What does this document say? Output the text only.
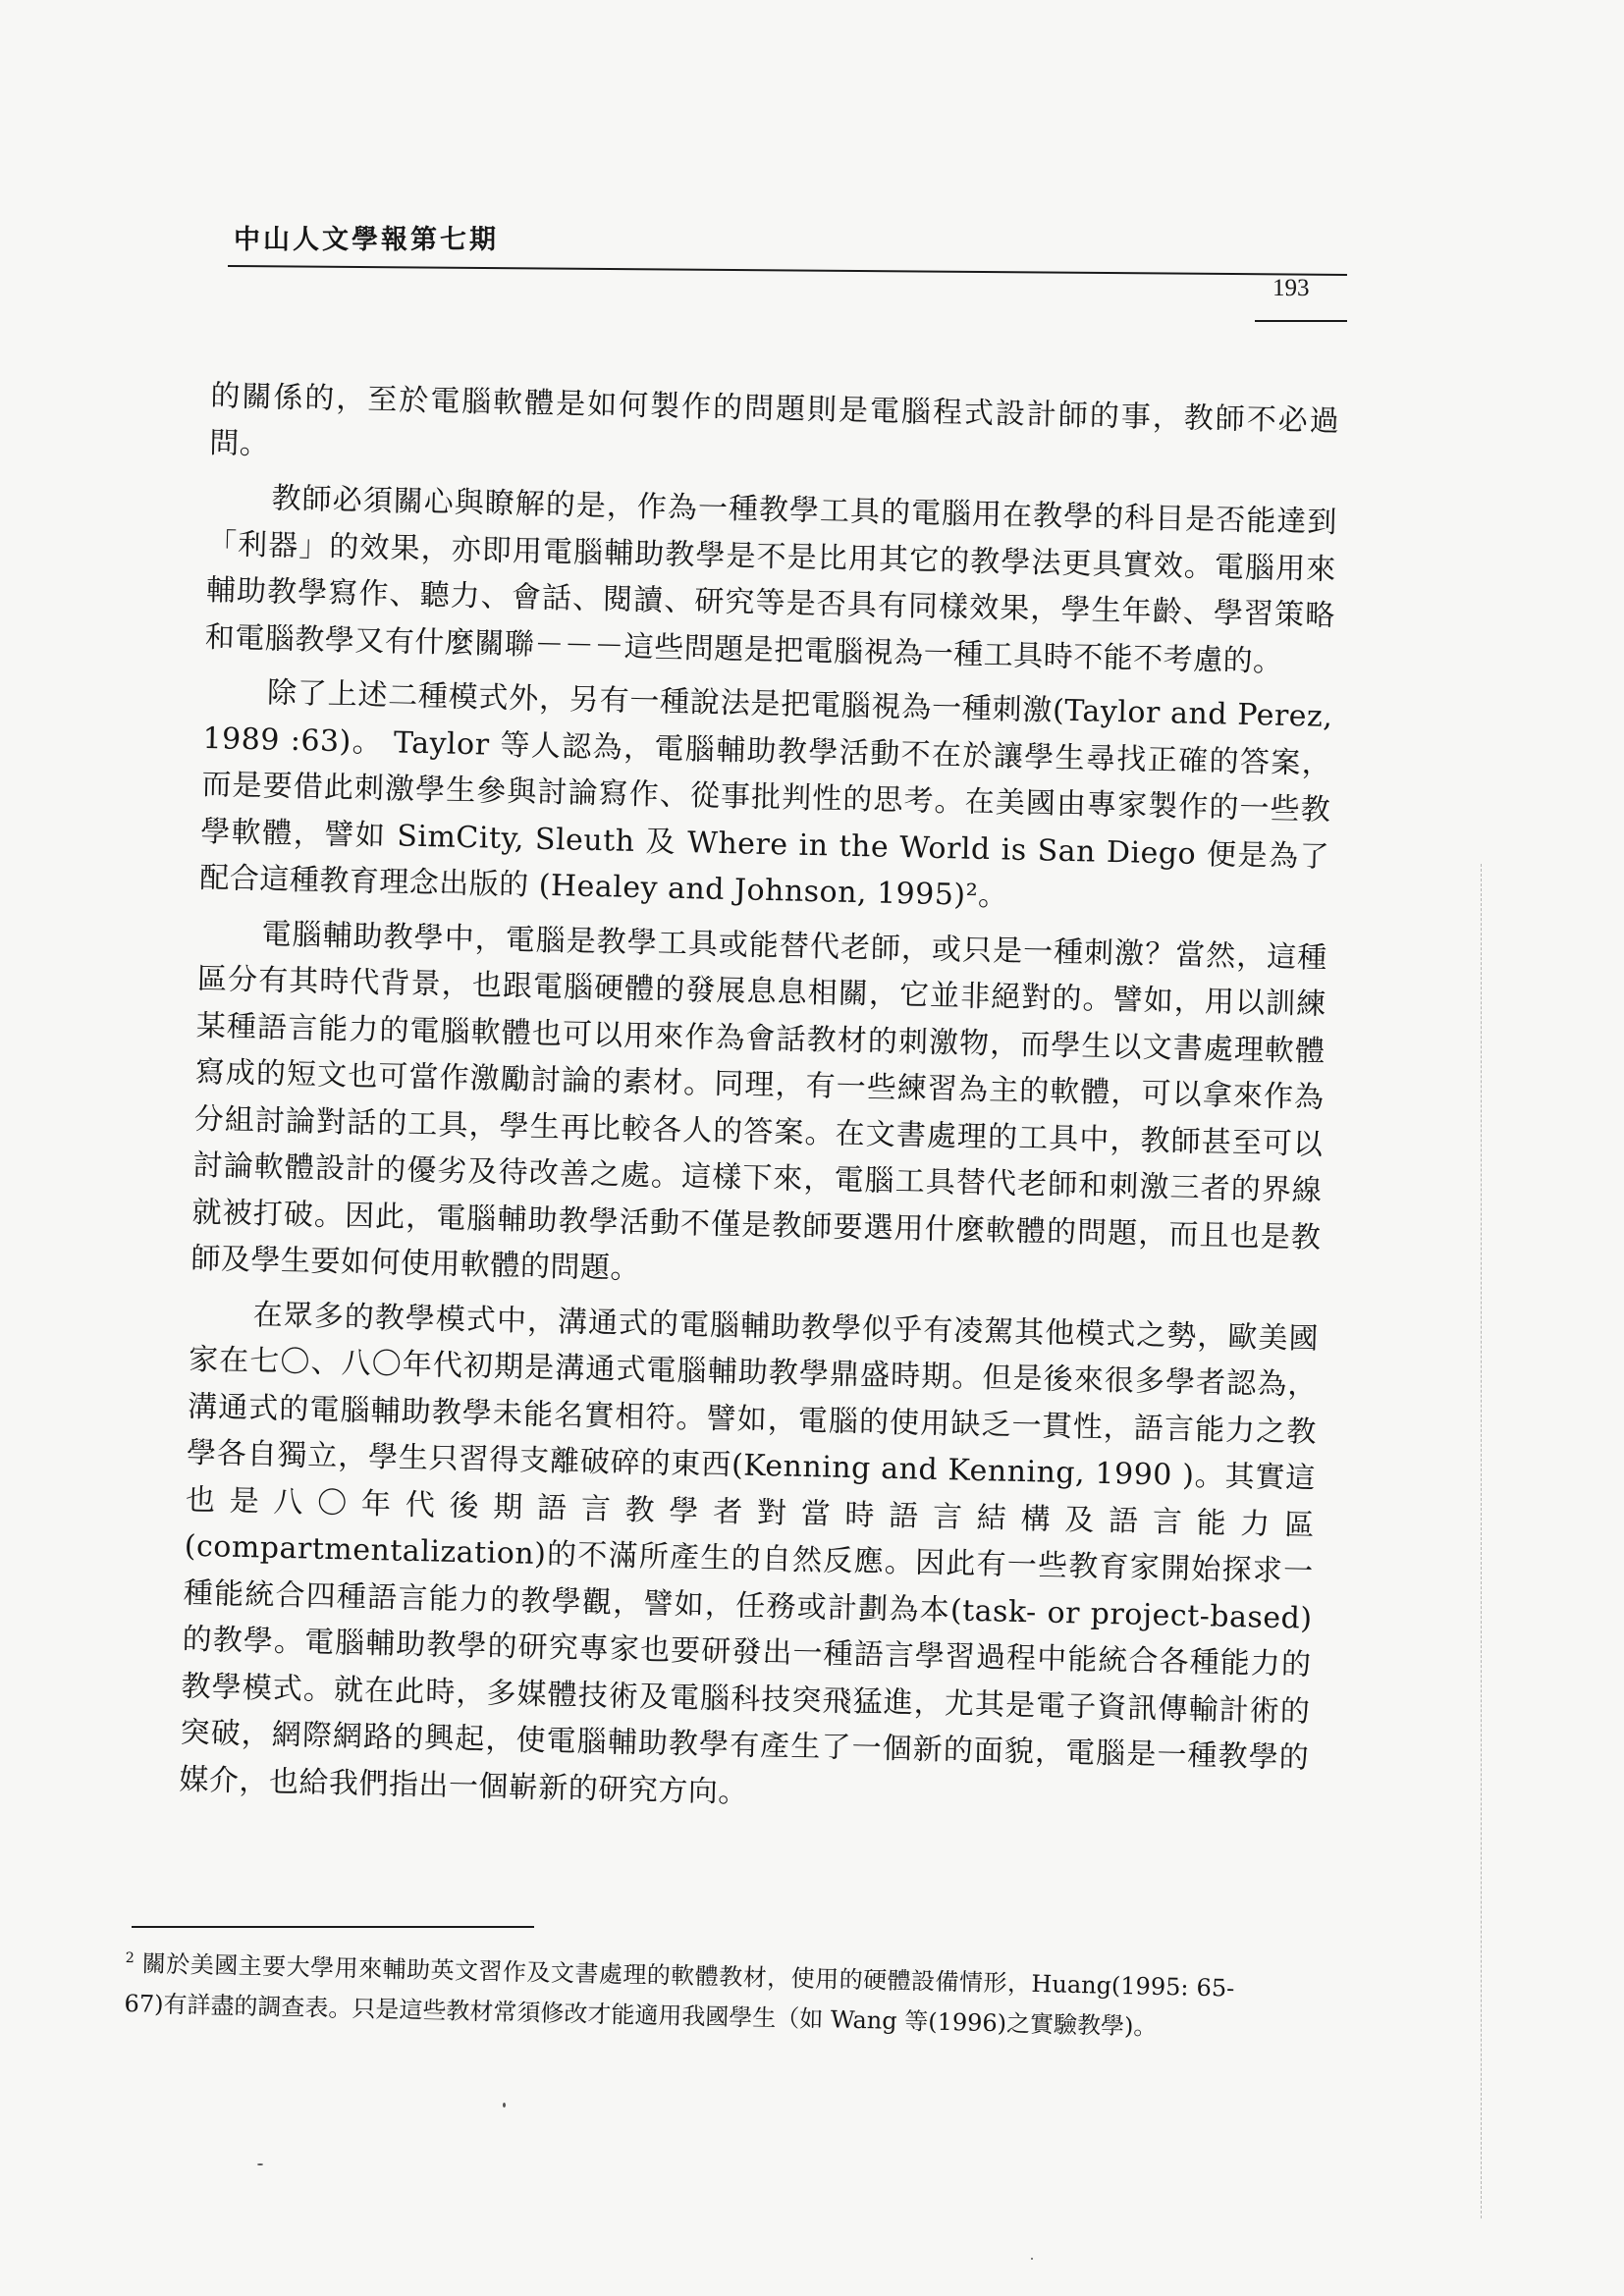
中山人文學報第七期
193

的關係的，至於電腦軟體是如何製作的問題則是電腦程式設計師的事，教師不必過問。

教師必須關心與瞭解的是，作為一種教學工具的電腦用在教學的科目是否能達到「利器」的效果，亦即用電腦輔助教學是不是比用其它的教學法更具實效。電腦用來輔助教學寫作、聽力、會話、閱讀、研究等是否具有同樣效果，學生年齡、學習策略和電腦教學又有什麼關聯－－－這些問題是把電腦視為一種工具時不能不考慮的。

除了上述二種模式外，另有一種說法是把電腦視為一種刺激(Taylor and Perez, 1989 :63)。 Taylor 等人認為，電腦輔助教學活動不在於讓學生尋找正確的答案，而是要借此刺激學生參與討論寫作、從事批判性的思考。在美國由專家製作的一些教學軟體，譬如 SimCity, Sleuth 及 Where in the World is San Diego 便是為了配合這種教育理念出版的 (Healey and Johnson, 1995)²。

電腦輔助教學中，電腦是教學工具或能替代老師，或只是一種刺激？當然，這種區分有其時代背景，也跟電腦硬體的發展息息相關，它並非絕對的。譬如，用以訓練某種語言能力的電腦軟體也可以用來作為會話教材的刺激物，而學生以文書處理軟體寫成的短文也可當作激勵討論的素材。同理，有一些練習為主的軟體，可以拿來作為分組討論對話的工具，學生再比較各人的答案。在文書處理的工具中，教師甚至可以討論軟體設計的優劣及待改善之處。這樣下來，電腦工具替代老師和刺激三者的界線就被打破。因此，電腦輔助教學活動不僅是教師要選用什麼軟體的問題，而且也是教師及學生要如何使用軟體的問題。

在眾多的教學模式中，溝通式的電腦輔助教學似乎有凌駕其他模式之勢，歐美國家在七〇、八〇年代初期是溝通式電腦輔助教學鼎盛時期。但是後來很多學者認為，溝通式的電腦輔助教學未能名實相符。譬如，電腦的使用缺乏一貫性，語言能力之教學各自獨立，學生只習得支離破碎的東西(Kenning and Kenning, 1990 )。其實這也是八〇年代後期語言教學者對當時語言結構及語言能力區(compartmentalization)的不滿所產生的自然反應。因此有一些教育家開始探求一種能統合四種語言能力的教學觀，譬如，任務或計劃為本(task- or project-based)的教學。電腦輔助教學的研究專家也要研發出一種語言學習過程中能統合各種能力的教學模式。就在此時，多媒體技術及電腦科技突飛猛進，尤其是電子資訊傳輸計術的突破，網際網路的興起，使電腦輔助教學有產生了一個新的面貌，電腦是一種教學的媒介，也給我們指出一個嶄新的研究方向。

$^2$ 關於美國主要大學用來輔助英文習作及文書處理的軟體教材，使用的硬體設備情形，Huang(1995: 65-67)有詳盡的調查表。只是這些教材常須修改才能適用我國學生（如 Wang 等(1996)之實驗教學)。
